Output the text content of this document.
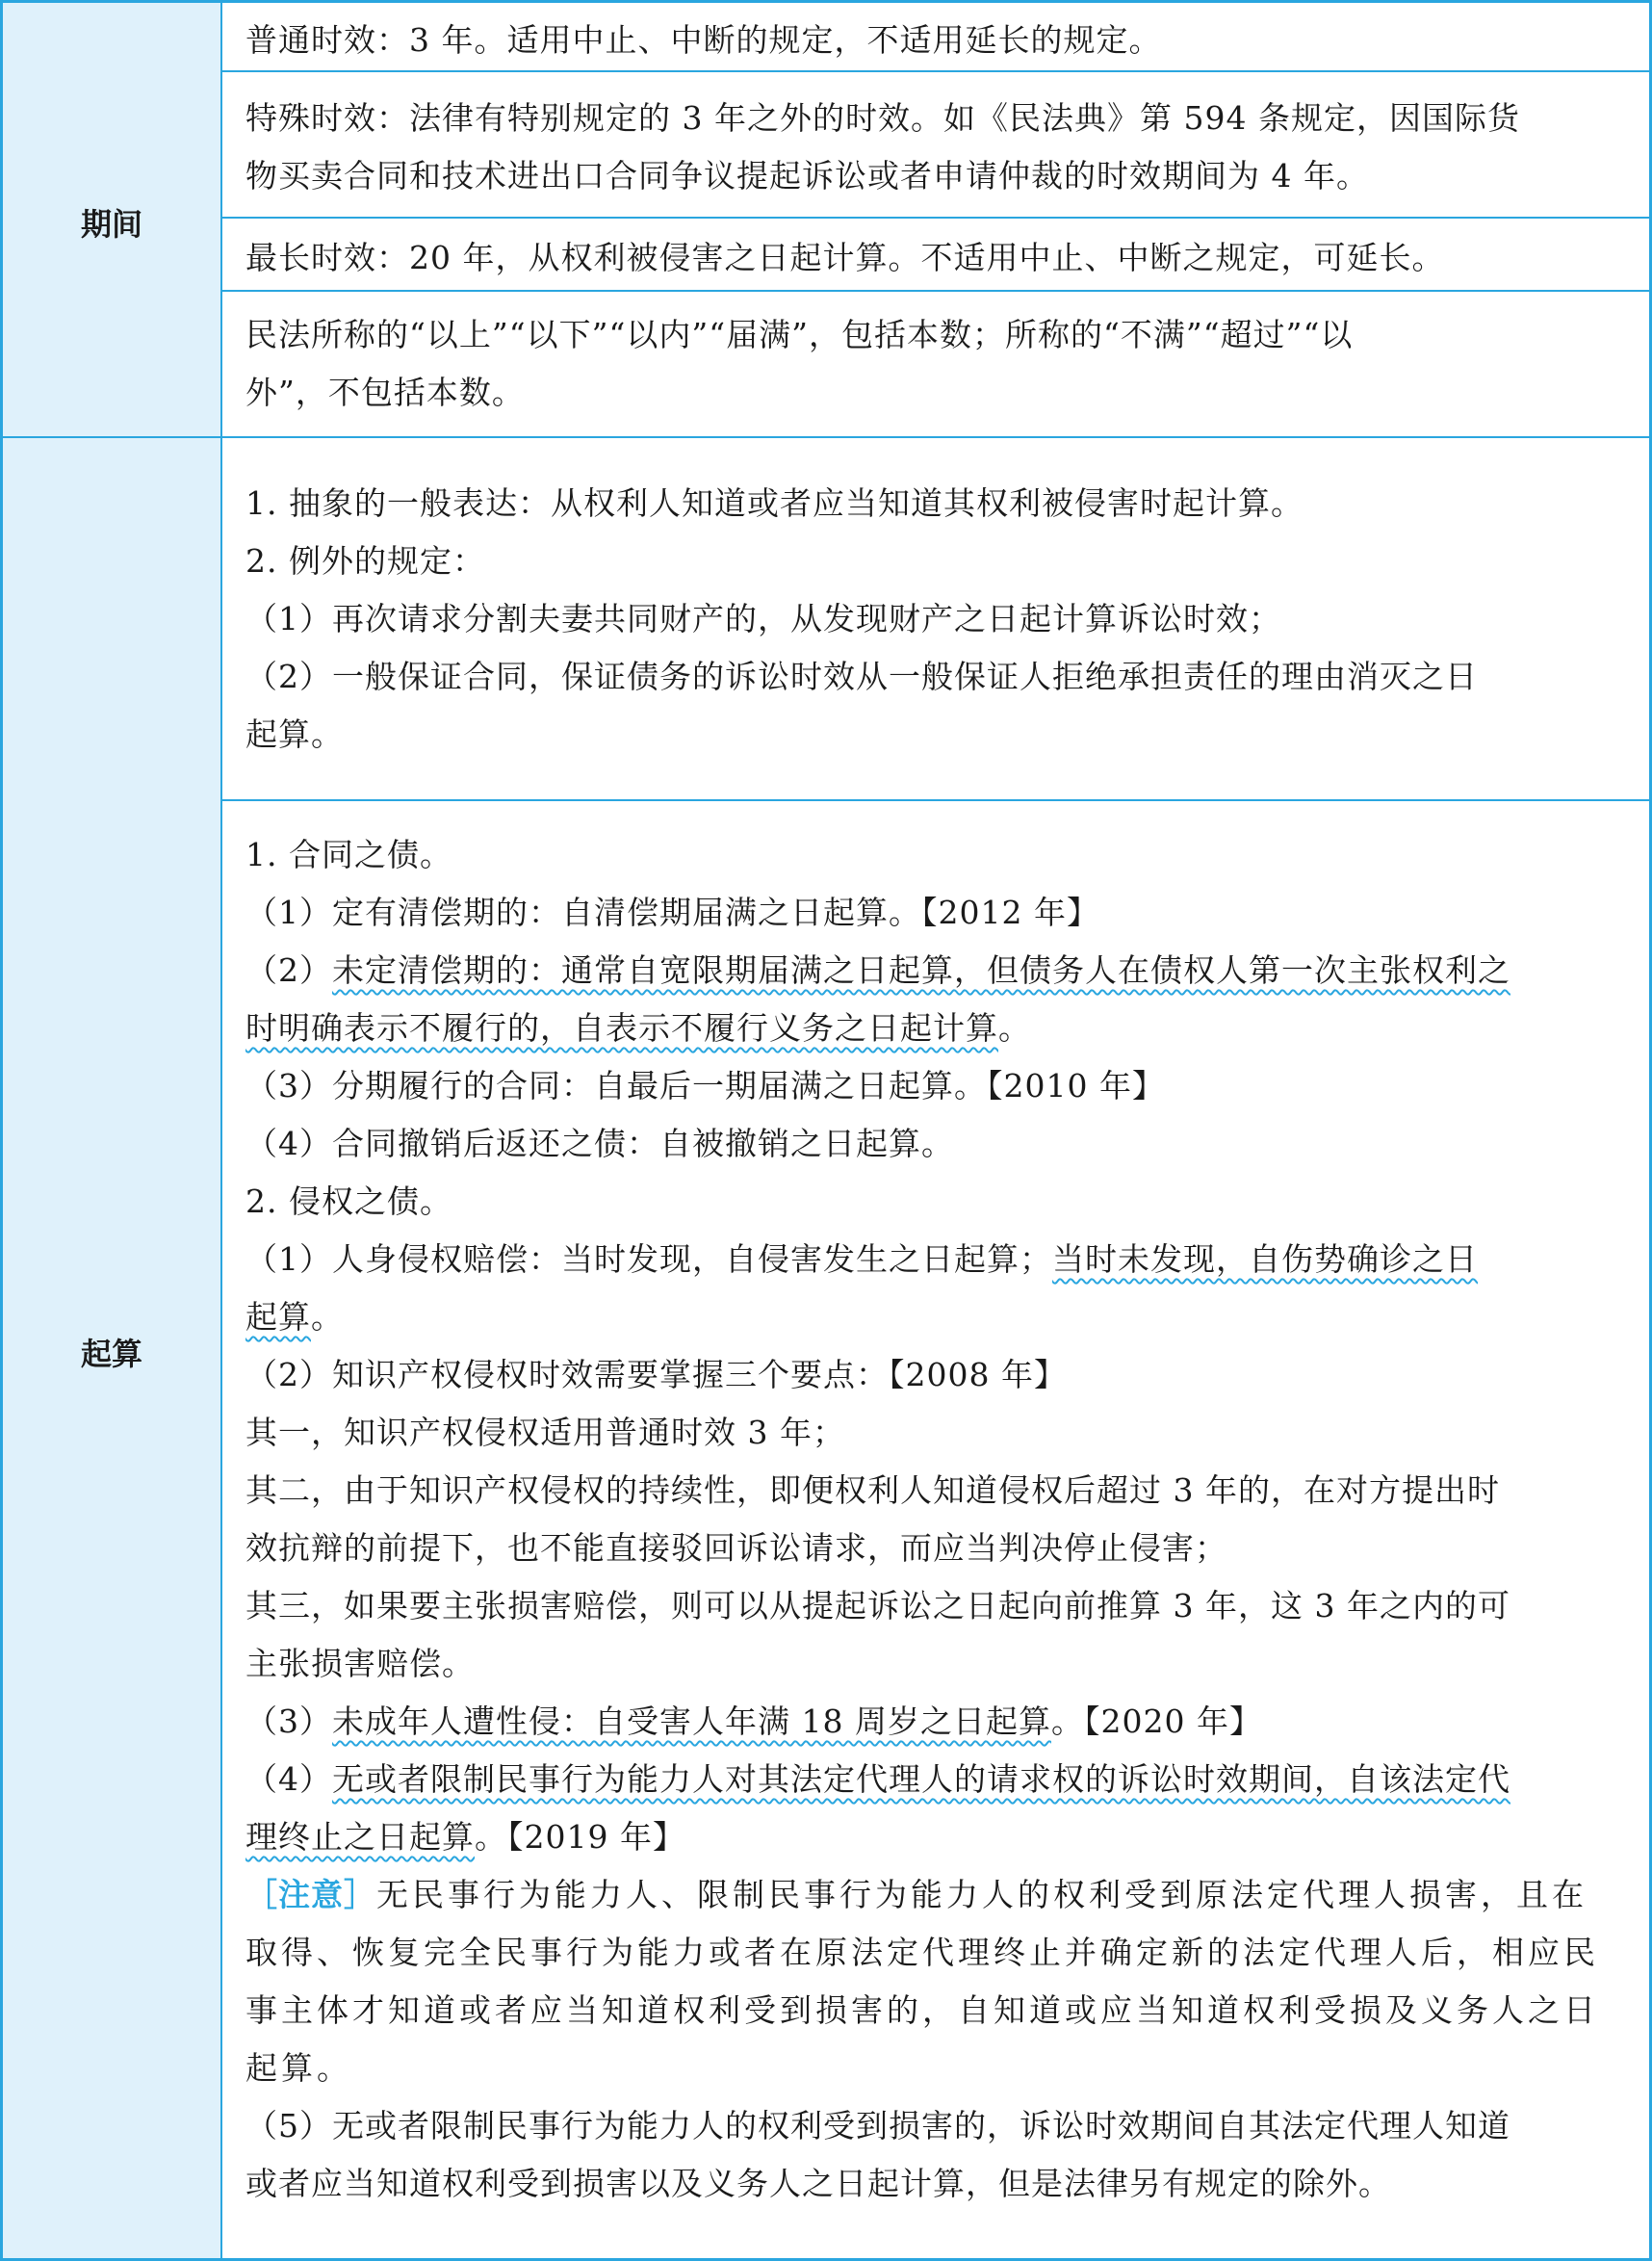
期间
起算
普通时效：3 年。适用中止、中断的规定，不适用延长的规定。
特殊时效：法律有特别规定的 3 年之外的时效。如《民法典》第 594 条规定，因国际货
物买卖合同和技术进出口合同争议提起诉讼或者申请仲裁的时效期间为 4 年。
最长时效：20 年，从权利被侵害之日起计算。不适用中止、中断之规定，可延长。
民法所称的“以上”“以下”“以内”“届满”，包括本数；所称的“不满”“超过”“以
外”，不包括本数。
1. 抽象的一般表达：从权利人知道或者应当知道其权利被侵害时起计算。
2. 例外的规定：
（1）再次请求分割夫妻共同财产的，从发现财产之日起计算诉讼时效；
（2）一般保证合同，保证债务的诉讼时效从一般保证人拒绝承担责任的理由消灭之日
起算。
1. 合同之债。
（1）定有清偿期的：自清偿期届满之日起算。【2012 年】
（2）未定清偿期的：通常自宽限期届满之日起算，但债务人在债权人第一次主张权利之
时明确表示不履行的，自表示不履行义务之日起计算。
（3）分期履行的合同：自最后一期届满之日起算。【2010 年】
（4）合同撤销后返还之债：自被撤销之日起算。
2. 侵权之债。
（1）人身侵权赔偿：当时发现，自侵害发生之日起算；当时未发现，自伤势确诊之日
起算。
（2）知识产权侵权时效需要掌握三个要点：【2008 年】
其一，知识产权侵权适用普通时效 3 年；
其二，由于知识产权侵权的持续性，即便权利人知道侵权后超过 3 年的，在对方提出时
效抗辩的前提下，也不能直接驳回诉讼请求，而应当判决停止侵害；
其三，如果要主张损害赔偿，则可以从提起诉讼之日起向前推算 3 年，这 3 年之内的可
主张损害赔偿。
（3）未成年人遭性侵：自受害人年满 18 周岁之日起算。【2020 年】
（4）无或者限制民事行为能力人对其法定代理人的请求权的诉讼时效期间，自该法定代
理终止之日起算。【2019 年】
［注意］无民事行为能力人、限制民事行为能力人的权利受到原法定代理人损害，且在
取得、恢复完全民事行为能力或者在原法定代理终止并确定新的法定代理人后，相应民
事主体才知道或者应当知道权利受到损害的，自知道或应当知道权利受损及义务人之日
起算。
（5）无或者限制民事行为能力人的权利受到损害的，诉讼时效期间自其法定代理人知道
或者应当知道权利受到损害以及义务人之日起计算，但是法律另有规定的除外。
